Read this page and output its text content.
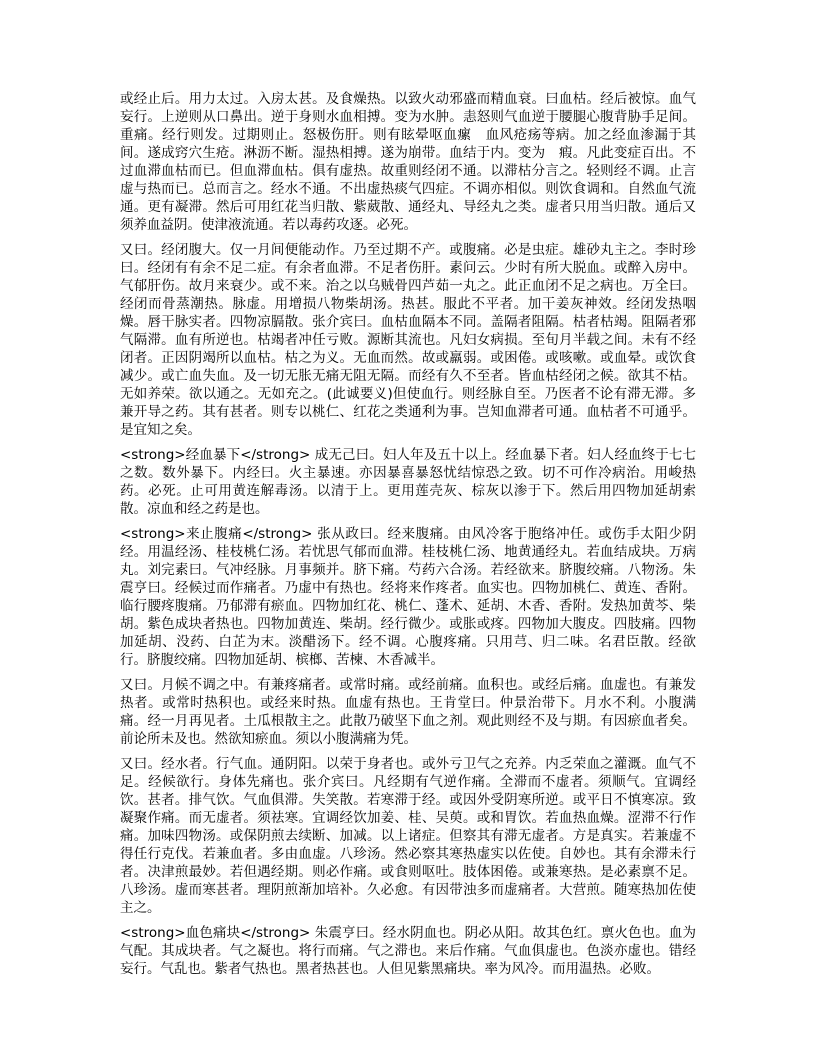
或经止后。用力太过。入房太甚。及食燥热。以致火动邪盛而精血衰。曰血枯。经后被惊。血气妄行。上逆则从口鼻出。逆于身则水血相搏。变为水肿。恚怒则气血逆于腰腿心腹背胁手足间。重痛。经行则发。过期则止。怒极伤肝。则有眩晕呕血瘰　血风疮疡等病。加之经血渗漏于其间。遂成窍穴生疮。淋沥不断。湿热相搏。遂为崩带。血结于内。变为　瘕。凡此变症百出。不过血滞血枯而已。但血滞血枯。俱有虚热。故重则经闭不通。以滞枯分言之。轻则经不调。止言虚与热而已。总而言之。经水不通。不出虚热痰气四症。不调亦相似。则饮食调和。自然血气流通。更有凝滞。然后可用红花当归散、紫葳散、通经丸、导经丸之类。虚者只用当归散。通后又须养血益阴。使津液流通。若以毒药攻逐。必死。

又曰。经闭腹大。仅一月间便能动作。乃至过期不产。或腹痛。必是虫症。雄砂丸主之。李时珍曰。经闭有有余不足二症。有余者血滞。不足者伤肝。素问云。少时有所大脱血。或醉入房中。气郁肝伤。故月来衰少。或不来。治之以乌贼骨四芦茹一丸之。此正血闭不足之病也。万全曰。经闭而骨蒸潮热。脉虚。用增损八物柴胡汤。热甚。服此不平者。加干姜灰神效。经闭发热咽燥。唇干脉实者。四物凉膈散。张介宾曰。血枯血隔本不同。盖隔者阻隔。枯者枯竭。阻隔者邪气隔滞。血有所逆也。枯竭者冲任亏败。源断其流也。凡妇女病损。至旬月半载之间。未有不经闭者。正因阴竭所以血枯。枯之为义。无血而然。故或羸弱。或困倦。或咳嗽。或血晕。或饮食减少。或亡血失血。及一切无胀无痛无阻无隔。而经有久不至者。皆血枯经闭之候。欲其不枯。无如养荣。欲以通之。无如充之。(此诚要义)但使血行。则经脉自至。乃医者不论有滞无滞。多兼开导之药。其有甚者。则专以桃仁、红花之类通利为事。岂知血滞者可通。血枯者不可通乎。是宜知之矣。

<strong>经血暴下</strong> 成无己曰。妇人年及五十以上。经血暴下者。妇人经血终于七七之数。数外暴下。内经曰。火主暴速。亦因暴喜暴怒忧结惊恐之致。切不可作冷病治。用峻热药。必死。止可用黄连解毒汤。以清于上。更用莲壳灰、棕灰以渗于下。然后用四物加延胡索散。凉血和经之药是也。

<strong>来止腹痛</strong> 张从政曰。经来腹痛。由风冷客于胞络冲任。或伤手太阳少阴经。用温经汤、桂枝桃仁汤。若忧思气郁而血滞。桂枝桃仁汤、地黄通经丸。若血结成块。万病丸。刘完素曰。气冲经脉。月事频并。脐下痛。芍药六合汤。若经欲来。脐腹绞痛。八物汤。朱震亨曰。经候过而作痛者。乃虚中有热也。经将来作疼者。血实也。四物加桃仁、黄连、香附。临行腰疼腹痛。乃郁滞有瘀血。四物加红花、桃仁、蓬术、延胡、木香、香附。发热加黄芩、柴胡。紫色成块者热也。四物加黄连、柴胡。经行微少。或胀或疼。四物加大腹皮。四肢痛。四物加延胡、没药、白芷为末。淡醋汤下。经不调。心腹疼痛。只用芎、归二味。名君臣散。经欲行。脐腹绞痛。四物加延胡、槟榔、苦楝、木香减半。

又曰。月候不调之中。有兼疼痛者。或常时痛。或经前痛。血积也。或经后痛。血虚也。有兼发热者。或常时热积也。或经来时热。血虚有热也。王肯堂曰。仲景治带下。月水不利。小腹满痛。经一月再见者。土瓜根散主之。此散乃破坚下血之剂。观此则经不及与期。有因瘀血者矣。前论所未及也。然欲知瘀血。须以小腹满痛为凭。

又曰。经水者。行气血。通阴阳。以荣于身者也。或外亏卫气之充养。内乏荣血之灌溉。血气不足。经候欲行。身体先痛也。张介宾曰。凡经期有气逆作痛。全滞而不虚者。须顺气。宜调经饮。甚者。排气饮。气血俱滞。失笑散。若寒滞于经。或因外受阴寒所逆。或平日不慎寒凉。致凝聚作痛。而无虚者。须祛寒。宜调经饮加姜、桂、吴萸。或和胃饮。若血热血燥。涩滞不行作痛。加味四物汤。或保阴煎去续断、加减。以上诸症。但察其有滞无虚者。方是真实。若兼虚不得任行克伐。若兼血者。多由血虚。八珍汤。然必察其寒热虚实以佐使。自妙也。其有余滞未行者。决津煎最妙。若但遇经期。则必作痛。或食则呕吐。肢体困倦。或兼寒热。是必素禀不足。八珍汤。虚而寒甚者。理阴煎渐加培补。久必愈。有因带浊多而虚痛者。大营煎。随寒热加佐使主之。

<strong>血色痛块</strong> 朱震亨曰。经水阴血也。阴必从阳。故其色红。禀火色也。血为气配。其成块者。气之凝也。将行而痛。气之滞也。来后作痛。气血俱虚也。色淡亦虚也。错经妄行。气乱也。紫者气热也。黑者热甚也。人但见紫黑痛块。率为风冷。而用温热。必败。
